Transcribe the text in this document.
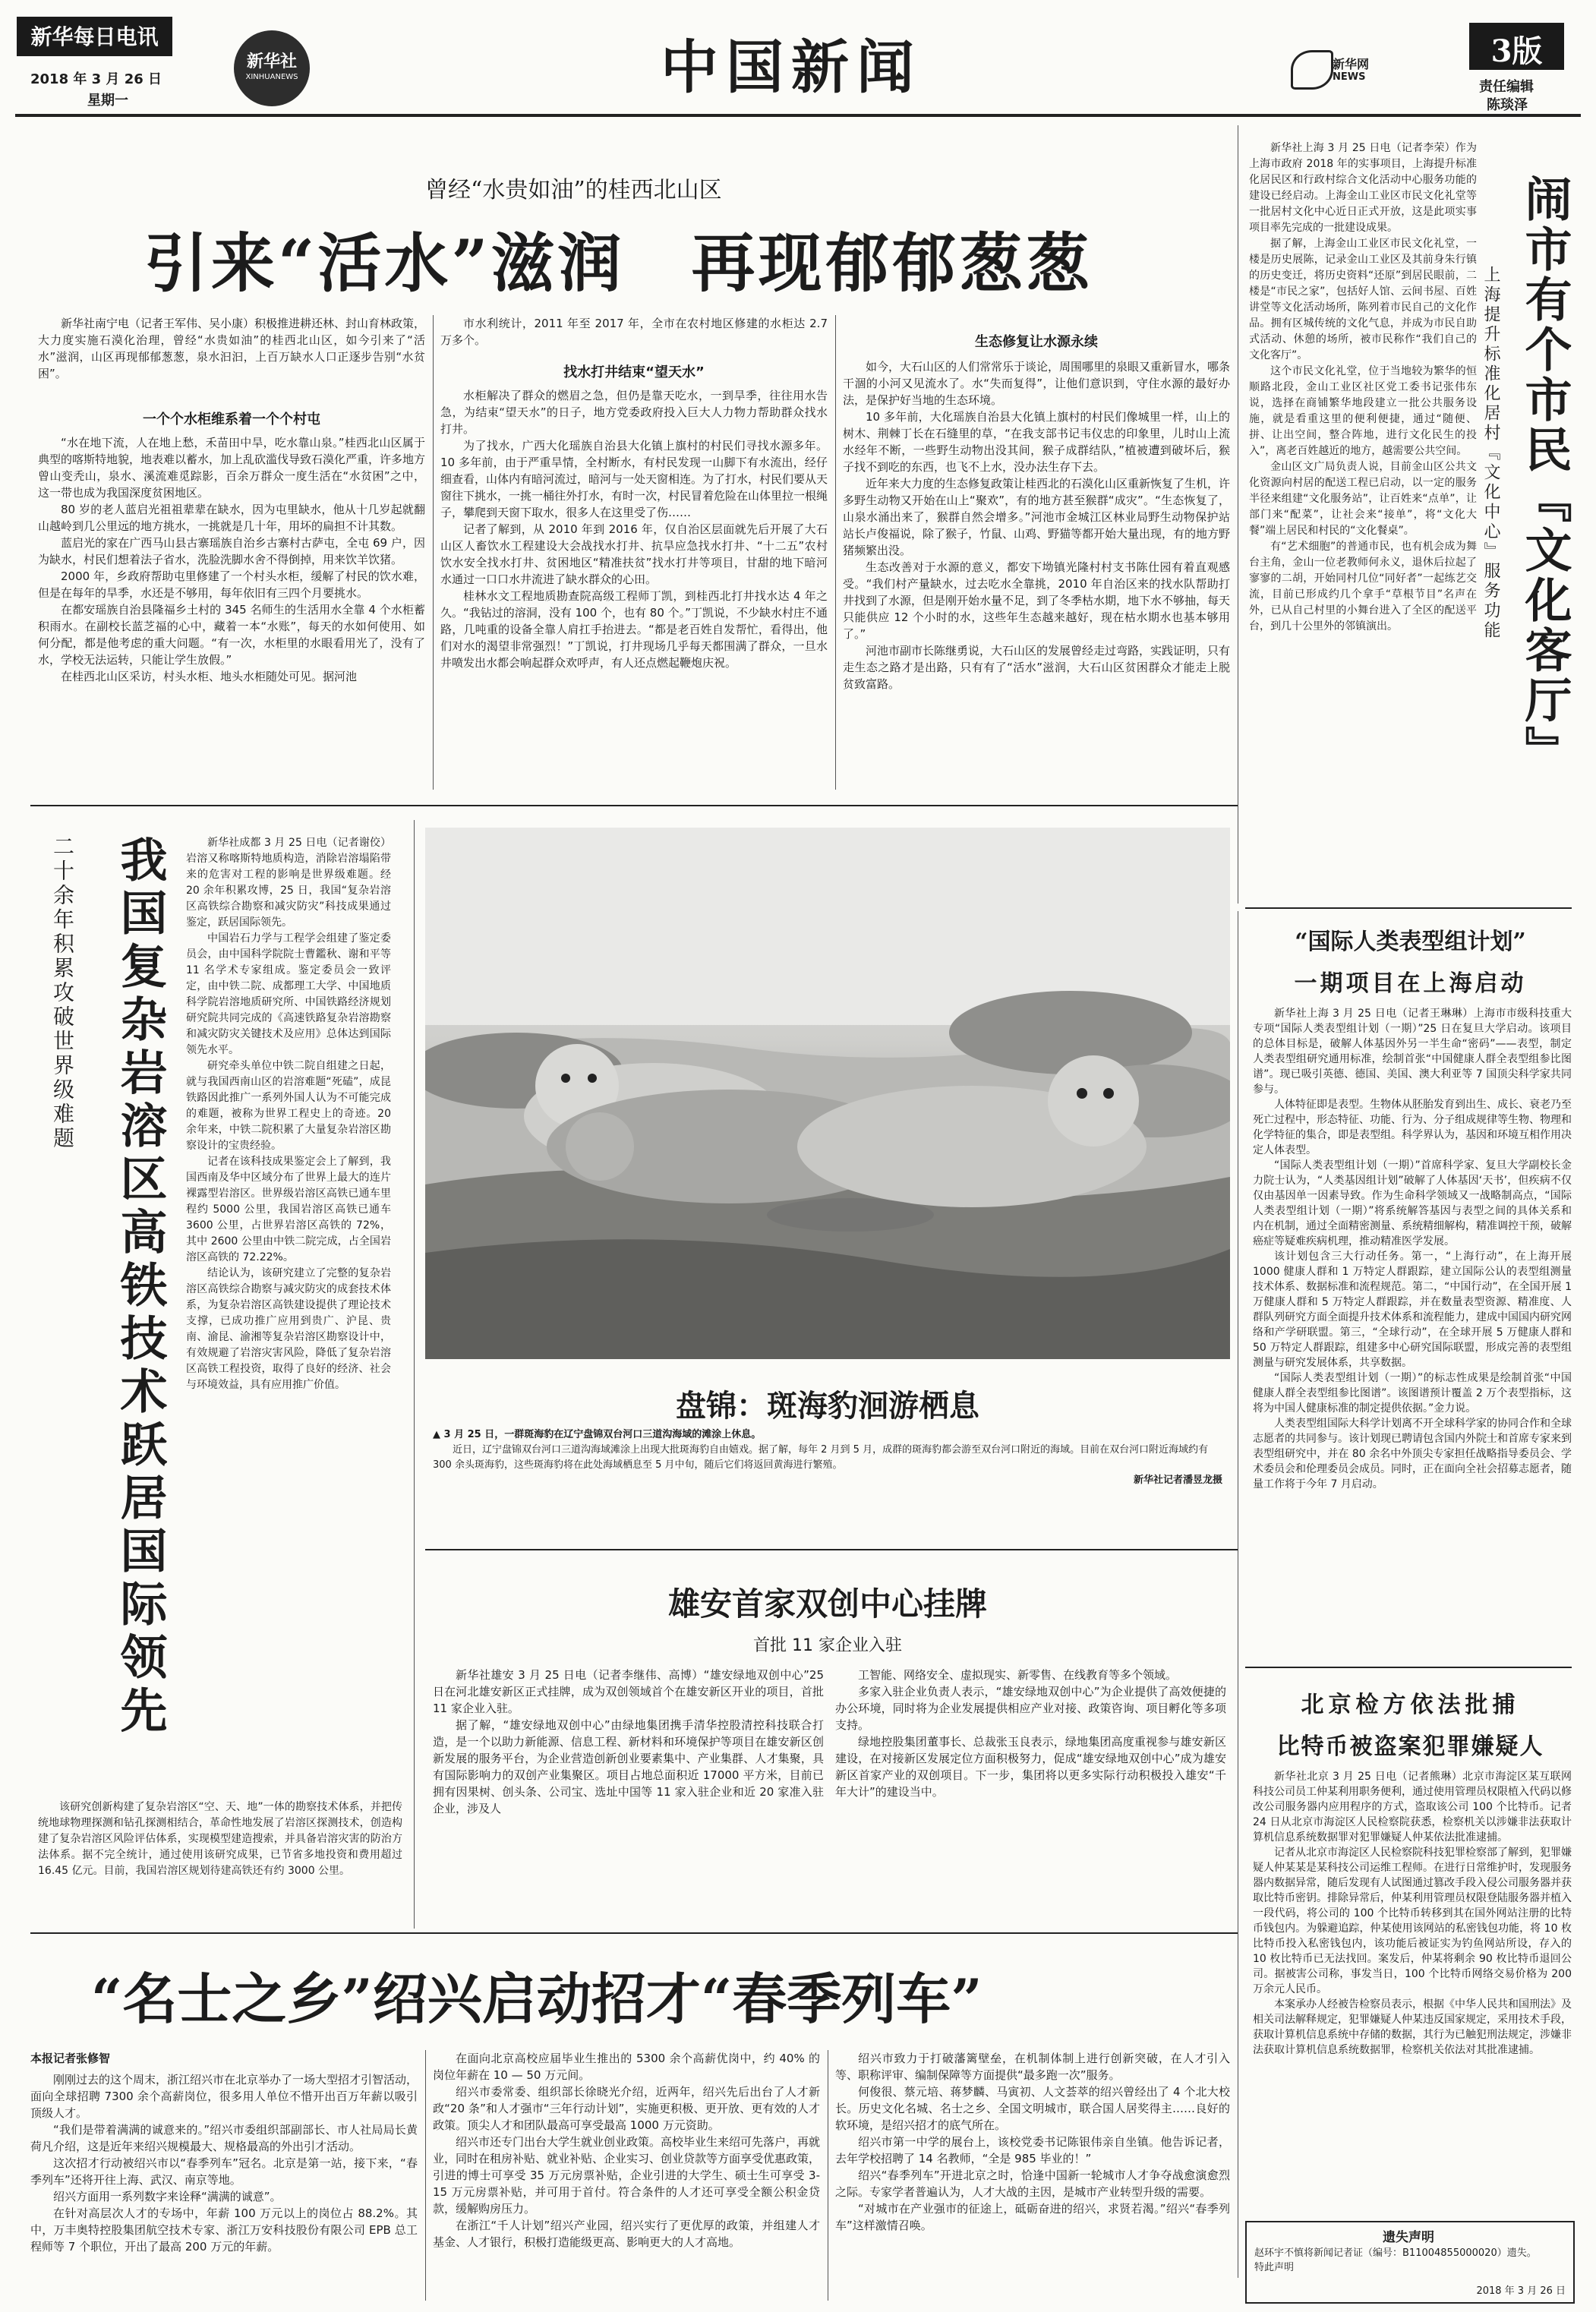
新华每日电讯
2018 年 3 月 26 日
星期一
新华社
XINHUANEWS	中国新闻	新华网
NEWS
3版
责任编辑
陈琰泽
曾经“水贵如油”的桂西北山区
引来“活水”滋润　再现郁郁葱葱

新华社南宁电（记者王军伟、吴小康）积极推进耕还林、封山育林政策，大力度实施石漠化治理，曾经“水贵如油”的桂西北山区，如今引来了“活水”滋润，山区再现郁郁葱葱，泉水汩汩，上百万缺水人口正逐步告别“水贫困”。

一个个水柜维系着一个个村屯

“水在地下流，人在地上愁，禾苗田中旱，吃水靠山泉。”桂西北山区属于典型的喀斯特地貌，地表难以蓄水，加上乱砍滥伐导致石漠化严重，许多地方曾山变秃山，泉水、溪流难觅踪影，百余万群众一度生活在“水贫困”之中，这一带也成为我国深度贫困地区。

80 岁的老人蓝启光祖祖辈辈在缺水，因为屯里缺水，他从十几岁起就翻山越岭到几公里远的地方挑水，一挑就是几十年，用坏的扁担不计其数。

蓝启光的家在广西马山县古寨瑶族自治乡古寨村古萨屯，全屯 69 户，因为缺水，村民们想着法子省水，洗脸洗脚水舍不得倒掉，用来饮羊饮猪。

2000 年，乡政府帮助屯里修建了一个村头水柜，缓解了村民的饮水难，但是在每年的旱季，水还是不够用，每年依旧有三四个月要挑水。

在都安瑶族自治县隆福乡土村的 345 名师生的生活用水全靠 4 个水柜蓄积雨水。在副校长蓝芝福的心中，藏着一本“水账”，每天的水如何使用、如何分配，都是他考虑的重大问题。“有一次，水柜里的水眼看用光了，没有了水，学校无法运转，只能让学生放假。”

在桂西北山区采访，村头水柜、地头水柜随处可见。据河池

市水利统计，2011 年至 2017 年，全市在农村地区修建的水柜达 2.7 万多个。

找水打井结束“望天水”

水柜解决了群众的燃眉之急，但仍是靠天吃水，一到旱季，往往用水告急，为结束“望天水”的日子，地方党委政府投入巨大人力物力帮助群众找水打井。

为了找水，广西大化瑶族自治县大化镇上旗村的村民们寻找水源多年。10 多年前，由于严重旱情，全村断水，有村民发现一山脚下有水流出，经仔细查看，山体内有暗河流过，暗河与一处天窗相连。为了打水，村民们要从天窗往下挑水，一挑一桶往外打水，有时一次，村民冒着危险在山体里拉一根绳子，攀爬到天窗下取水，很多人在这里受了伤……

记者了解到，从 2010 年到 2016 年，仅自治区层面就先后开展了大石山区人畜饮水工程建设大会战找水打井、抗旱应急找水打井、“十二五”农村饮水安全找水打井、贫困地区“精准扶贫”找水打井等项目，甘甜的地下暗河水通过一口口水井流进了缺水群众的心田。

桂林水文工程地质勘查院高级工程师丁凯，到桂西北打井找水达 4 年之久。“我钻过的溶洞，没有 100 个，也有 80 个。”丁凯说，不少缺水村庄不通路，几吨重的设备全靠人肩扛手抬进去。“都是老百姓自发帮忙，看得出，他们对水的渴望非常强烈！”丁凯说，打井现场几乎每天都围满了群众，一旦水井喷发出水都会响起群众欢呼声，有人还点燃起鞭炮庆祝。

生态修复让水源永续

如今，大石山区的人们常常乐于谈论，周围哪里的泉眼又重新冒水，哪条干涸的小河又见流水了。水“失而复得”，让他们意识到，守住水源的最好办法，是保护好当地的生态环境。

10 多年前，大化瑶族自治县大化镇上旗村的村民们像城里一样，山上的树木、荆棘丁长在石缝里的草，“在我支部书记韦仪忠的印象里，儿时山上流水经年不断，一些野生动物出没其间，猴子成群结队，”植被遭到破坏后，猴子找不到吃的东西，也飞不上水，没办法生存下去。

近年来大力度的生态修复政策让桂西北的石漠化山区重新恢复了生机，许多野生动物又开始在山上“聚欢”，有的地方甚至猴群“成灾”。“生态恢复了，山泉水涌出来了，猴群自然会增多。”河池市金城江区林业局野生动物保护站站长卢俊福说，除了猴子，竹鼠、山鸡、野猫等都开始大量出现，有的地方野猪频繁出没。

生态改善对于水源的意义，都安下坳镇光隆村村支书陈仕园有着直观感受。“我们村产量缺水，过去吃水全靠挑，2010 年自治区来的找水队帮助打井找到了水源，但是刚开始水量不足，到了冬季枯水期，地下水不够抽，每天只能供应 12 个小时的水，这些年生态越来越好，现在枯水期水也基本够用了。”

河池市副市长陈继勇说，大石山区的发展曾经走过弯路，实践证明，只有走生态之路才是出路，只有有了“活水”滋润，大石山区贫困群众才能走上脱贫致富路。

新华社上海 3 月 25 日电（记者李荣）作为上海市政府 2018 年的实事项目，上海提升标准化居民区和行政村综合文化活动中心服务功能的建设已经启动。上海金山工业区市民文化礼堂等一批居村文化中心近日正式开放，这是此项实事项目率先完成的一批建设成果。

据了解，上海金山工业区市民文化礼堂，一楼是历史展陈，记录金山工业区及其前身朱行镇的历史变迁，将历史资料“还原”到居民眼前，二楼是“市民之家”，包括好人馆、云间书屋、百姓讲堂等文化活动场所，陈列着市民自己的文化作品。拥有区城传统的文化气息，并成为市民自助式活动、休憩的场所，被市民称作“我们自己的文化客厅”。

这个市民文化礼堂，位于当地较为繁华的恒顺路北段，金山工业区社区党工委书记张伟东说，选择在商铺繁华地段建立一批公共服务设施，就是看重这里的便利便捷，通过“随便、拼、让出空间，整合阵地，进行文化民生的投入”，离老百姓越近的地方，越需要公共空间。

金山区文广局负责人说，目前金山区公共文化资源向村居的配送工程已启动，以一定的服务半径来组建“文化服务站”，让百姓来“点单”，让部门来“配菜”，让社会来“接单”，将“文化大餐”端上居民和村民的“文化餐桌”。

有“艺术细胞”的普通市民，也有机会成为舞台主角，金山一位老教师何永义，退休后拉起了寥寥的二胡，开始同村几位“同好者”一起练艺交流，目前已形成约几个拿手“草根节目”名声在外，已从自己村里的小舞台进入了全区的配送平台，到几十公里外的邻镇演出。	闹市有个市民『文化客厅』
上海提升标准化居村『文化中心』服务功能
二十余年积累攻破世界级难题 我国复杂岩溶区高铁技术跃居国际领先	新华社成都 3 月 25 日电（记者谢佼）岩溶又称喀斯特地质构造，消除岩溶塌陷带来的危害对工程的影响是世界级难题。经 20 余年积累攻博，25 日，我国“复杂岩溶区高铁综合勘察和减灾防灾”科技成果通过鉴定，跃居国际领先。

中国岩石力学与工程学会组建了鉴定委员会，由中国科学院院士曹鑑秋、谢和平等 11 名学术专家组成。鉴定委员会一致评定，由中铁二院、成都理工大学、中国地质科学院岩溶地质研究所、中国铁路经济规划研究院共同完成的《高速铁路复杂岩溶勘察和减灾防灾关键技术及应用》总体达到国际领先水平。

研究牵头单位中铁二院自组建之日起，就与我国西南山区的岩溶难题“死磕”，成昆铁路因此推广一系列外国人认为不可能完成的难题，被称为世界工程史上的奇迹。20 余年来，中铁二院积累了大量复杂岩溶区勘察设计的宝贵经验。

记者在该科技成果鉴定会上了解到，我国西南及华中区域分布了世界上最大的连片裸露型岩溶区。世界级岩溶区高铁已通车里程约 5000 公里，我国岩溶区高铁已通车 3600 公里，占世界岩溶区高铁的 72%，其中 2600 公里由中铁二院完成，占全国岩溶区高铁的 72.22%。

结论认为，该研究建立了完整的复杂岩溶区高铁综合勘察与减灾防灾的成套技术体系，为复杂岩溶区高铁建设提供了理论技术支撑，已成功推广应用到贵广、沪昆、贵南、渝昆、渝湘等复杂岩溶区勘察设计中，有效规避了岩溶灾害风险，降低了复杂岩溶区高铁工程投资，取得了良好的经济、社会与环境效益，具有应用推广价值。

该研究创新构建了复杂岩溶区“空、天、地”一体的勘察技术体系，并把传统地球物理探测和钻孔探测相结合，革命性地发展了岩溶区探测技术，创造构建了复杂岩溶区风险评估体系，实现模型建造搜索，并具备岩溶灾害的防治方法体系。据不完全统计，通过使用该研究成果，已节省多地投资和费用超过 16.45 亿元。目前，我国岩溶区规划待建高铁还有约 3000 公里。

盘锦：斑海豹洄游栖息
▲ 3 月 25 日，一群斑海豹在辽宁盘锦双台河口三道沟海域的滩涂上休息。
近日，辽宁盘锦双台河口三道沟海域滩涂上出现大批斑海豹自由嬉戏。据了解，每年 2 月到 5 月，成群的斑海豹都会游至双台河口附近的海域。目前在双台河口附近海域约有 300 余头斑海豹，这些斑海豹将在此处海域栖息至 5 月中旬，随后它们将返回黄海进行繁殖。
新华社记者潘昱龙摄
雄安首家双创中心挂牌
首批 11 家企业入驻

新华社雄安 3 月 25 日电（记者李继伟、高博）“雄安绿地双创中心”25 日在河北雄安新区正式挂牌，成为双创领域首个在雄安新区开业的项目，首批 11 家企业入驻。

据了解，“雄安绿地双创中心”由绿地集团携手清华控股清控科技联合打造，是一个以助力新能源、信息工程、新材料和环境保护等项目在雄安新区创新发展的服务平台，为企业营造创新创业要素集中、产业集群、人才集聚，具有国际影响力的双创产业集聚区。项目占地总面积近 17000 平方米，目前已拥有因果树、创头条、公司宝、选址中国等 11 家入驻企业和近 20 家准入驻企业，涉及人

工智能、网络安全、虚拟现实、新零售、在线教育等多个领域。

多家入驻企业负责人表示，“雄安绿地双创中心”为企业提供了高效便捷的办公环境，同时将为企业发展提供相应产业对接、政策咨询、项目孵化等多项支持。

绿地控股集团董事长、总裁张玉良表示，绿地集团高度重视参与雄安新区建设，在对接新区发展定位方面积极努力，促成“雄安绿地双创中心”成为雄安新区首家产业的双创项目。下一步，集团将以更多实际行动积极投入雄安“千年大计”的建设当中。

“国际人类表型组计划”
一期项目在上海启动

新华社上海 3 月 25 日电（记者王琳琳）上海市市级科技重大专项“国际人类表型组计划（一期）”25 日在复旦大学启动。该项目的总体目标是，破解人体基因外另一半生命“密码”——表型，制定人类表型组研究通用标准，绘制首张“中国健康人群全表型组参比图谱”。现已吸引英德、德国、美国、澳大利亚等 7 国顶尖科学家共同参与。

人体特征即是表型。生物体从胚胎发育到出生、成长、衰老乃至死亡过程中，形态特征、功能、行为、分子组成规律等生物、物理和化学特征的集合，即是表型组。科学界认为，基因和环境互相作用决定人体表型。

“国际人类表型组计划（一期）”首席科学家、复旦大学副校长金力院士认为，“人类基因组计划”破解了人体基因‘天书’，但疾病不仅仅由基因单一因素导致。作为生命科学领域又一战略制高点，“国际人类表型组计划（一期）”将系统解答基因与表型之间的具体关系和内在机制，通过全面精密测量、系统精细解构，精准调控干预，破解癌症等疑难疾病机理，推动精准医学发展。

该计划包含三大行动任务。第一，“上海行动”，在上海开展 1000 健康人群和 1 万特定人群跟踪，建立国际公认的表型组测量技术体系、数据标准和流程规范。第二，“中国行动”，在全国开展 1 万健康人群和 5 万特定人群跟踪，并在数量表型资源、精准度、人群队列研究方面全面提升技术体系和流程能力，建成中国国内研究网络和产学研联盟。第三，“全球行动”，在全球开展 5 万健康人群和 50 万特定人群跟踪，组建多中心研究国际联盟，形成完善的表型组测量与研究发展体系，共享数据。

“国际人类表型组计划（一期）”的标志性成果是绘制首张“中国健康人群全表型组参比图谱”。该图谱预计覆盖 2 万个表型指标，这将为中国人健康标准的制定提供依据。”金力说。

人类表型组国际大科学计划离不开全球科学家的协同合作和全球志愿者的共同参与。该计划现已聘请包含国内外院士和首席专家来到表型组研究中，并在 80 余名中外顶尖专家担任战略指导委员会、学术委员会和伦理委员会成员。同时，正在面向全社会招募志愿者，随量工作将于今年 7 月启动。

北京检方依法批捕
比特币被盗案犯罪嫌疑人

新华社北京 3 月 25 日电（记者熊琳）北京市海淀区某互联网科技公司员工仲某利用职务便利，通过使用管理员权限植入代码以修改公司服务器内应用程序的方式，盗取该公司 100 个比特币。记者 24 日从北京市海淀区人民检察院获悉，检察机关以涉嫌非法获取计算机信息系统数据罪对犯罪嫌疑人仲某依法批准逮捕。

记者从北京市海淀区人民检察院科技犯罪检察部了解到，犯罪嫌疑人仲某某是某科技公司运维工程师。在进行日常维护时，发现服务器内数据异常，随后发现有人试图通过篡改手段入侵公司服务器并获取比特币密钥。排除异常后，仲某利用管理员权限登陆服务器并植入一段代码，将公司的 100 个比特币转移到其在国外网站注册的比特币钱包内。为躲避追踪，仲某使用该网站的私密钱包功能，将 10 枚比特币投入私密钱包内，该功能后被证实为钓鱼网站所设，存入的 10 枚比特币已无法找回。案发后，仲某将剩余 90 枚比特币退回公司。据被害公司称，事发当日，100 个比特币网络交易价格为 200 万余元人民币。

本案承办人经被告检察员表示，根据《中华人民共和国刑法》及相关司法解释规定，犯罪嫌疑人仲某违反国家规定，采用技术手段，获取计算机信息系统中存储的数据，其行为已触犯刑法规定，涉嫌非法获取计算机信息系统数据罪，检察机关依法对其批准逮捕。

“名士之乡”绍兴启动招才“春季列车”
本报记者张修智

刚刚过去的这个周末，浙江绍兴市在北京举办了一场大型招才引智活动，面向全球招聘 7300 余个高薪岗位，很多用人单位不惜开出百万年薪以吸引顶级人才。

“我们是带着满满的诚意来的。”绍兴市委组织部副部长、市人社局局长黄荷凡介绍，这是近年来绍兴规模最大、规格最高的外出引才活动。

这次招才行动被绍兴市以“春季列车”冠名。北京是第一站，接下来，“春季列车”还将开往上海、武汉、南京等地。

绍兴方面用一系列数字来诠释“满满的诚意”。

在针对高层次人才的专场中，年薪 100 万元以上的岗位占 88.2%。其中，万丰奥特控股集团航空技术专家、浙江万安科技股份有限公司 EPB 总工程师等 7 个职位，开出了最高 200 万元的年薪。

在面向北京高校应届毕业生推出的 5300 余个高薪优岗中，约 40% 的岗位年薪在 10 — 50 万元间。

绍兴市委常委、组织部长徐晓光介绍，近两年，绍兴先后出台了人才新政“20 条”和人才强市“三年行动计划”，实施更积极、更开放、更有效的人才政策。顶尖人才和团队最高可享受最高 1000 万元资助。

绍兴市还专门出台大学生就业创业政策。高校毕业生来绍可先落户，再就业，同时在租房补贴、就业补贴、企业实习、创业贷款等方面享受优惠政策，引进的博士可享受 35 万元房票补贴，企业引进的大学生、硕士生可享受 3-15 万元房票补贴，并可用于首付。符合条件的人才还可享受全额公积金贷款，缓解购房压力。

在浙江“千人计划”绍兴产业园，绍兴实行了更优厚的政策，并组建人才基金、人才银行，积极打造能级更高、影响更大的人才高地。

绍兴市致力于打破藩篱壁垒，在机制体制上进行创新突破，在人才引入等、职称评审、编制保障等方面提供“最多跑一次”服务。

何俊很、蔡元培、蒋梦麟、马寅初、人文荟萃的绍兴曾经出了 4 个北大校长。历史文化名城、名士之乡、全国文明城市，联合国人居奖得主……良好的软环境，是绍兴招才的底气所在。

绍兴市第一中学的展台上，该校党委书记陈银伟亲自坐镇。他告诉记者，去年学校招聘了 14 名教师，“全是 985 毕业的！”

绍兴“春季列车”开进北京之时，恰逢中国新一轮城市人才争夺战愈演愈烈之际。专家学者普遍认为，人才大战的主因，是城市产业转型升级的需要。

“对城市在产业强市的征途上，砥砺奋进的绍兴，求贤若渴。”绍兴“春季列车”这样激情召唤。

遗失声明
赵环宇不慎将新闻记者证（编号：B11004855000020）遗失。　　　　特此声明
2018 年 3 月 26 日
